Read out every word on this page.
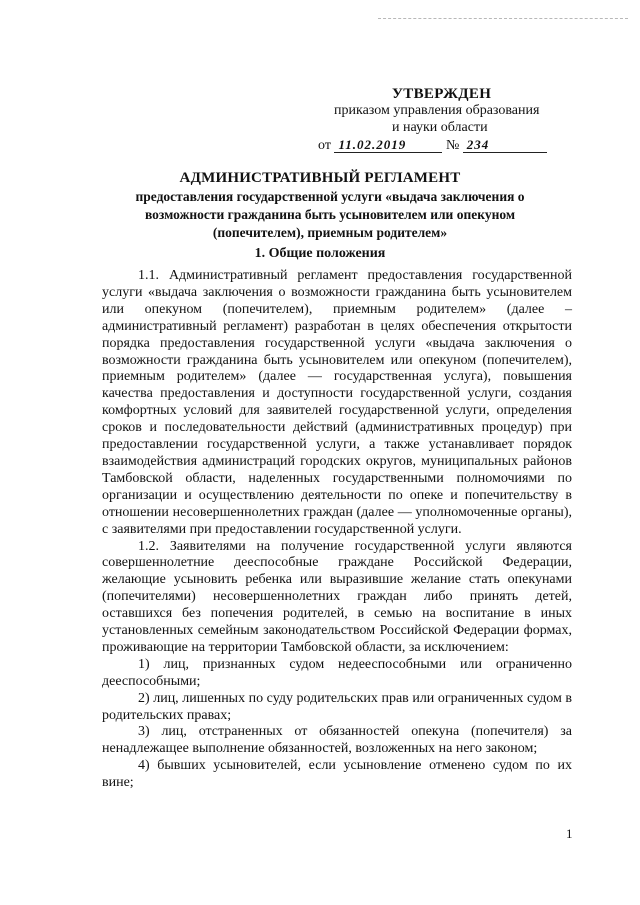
УТВЕРЖДЕН
приказом управления образования
и науки области
от 11.02.2019	№ 234
АДМИНИСТРАТИВНЫЙ РЕГЛАМЕНТ
предоставления государственной услуги «выдача заключения о возможности гражданина быть усыновителем или опекуном (попечителем), приемным родителем»
1. Общие положения

1.1. Административный регламент предоставления государственной услуги «выдача заключения о возможности гражданина быть усыновителем или опекуном (попечителем), приемным родителем» (далее – административный регламент) разработан в целях обеспечения открытости порядка предоставления государственной услуги «выдача заключения о возможности гражданина быть усыновителем или опекуном (попечителем), приемным родителем» (далее — государственная услуга), повышения качества предоставления и доступности государственной услуги, создания комфортных условий для заявителей государственной услуги, определения сроков и последовательности действий (административных процедур) при предоставлении государственной услуги, а также устанавливает порядок взаимодействия администраций городских округов, муниципальных районов Тамбовской области, наделенных государственными полномочиями по организации и осуществлению деятельности по опеке и попечительству в отношении несовершеннолетних граждан (далее — уполномоченные органы), с заявителями при предоставлении государственной услуги.

1.2. Заявителями на получение государственной услуги являются совершеннолетние дееспособные граждане Российской Федерации, желающие усыновить ребенка или выразившие желание стать опекунами (попечителями) несовершеннолетних граждан либо принять детей, оставшихся без попечения родителей, в семью на воспитание в иных установленных семейным законодательством Российской Федерации формах, проживающие на территории Тамбовской области, за исключением:

1) лиц, признанных судом недееспособными или ограниченно дееспособными;

2) лиц, лишенных по суду родительских прав или ограниченных судом в родительских правах;

3) лиц, отстраненных от обязанностей опекуна (попечителя) за ненадлежащее выполнение обязанностей, возложенных на него законом;

4) бывших усыновителей, если усыновление отменено судом по их вине;

1
